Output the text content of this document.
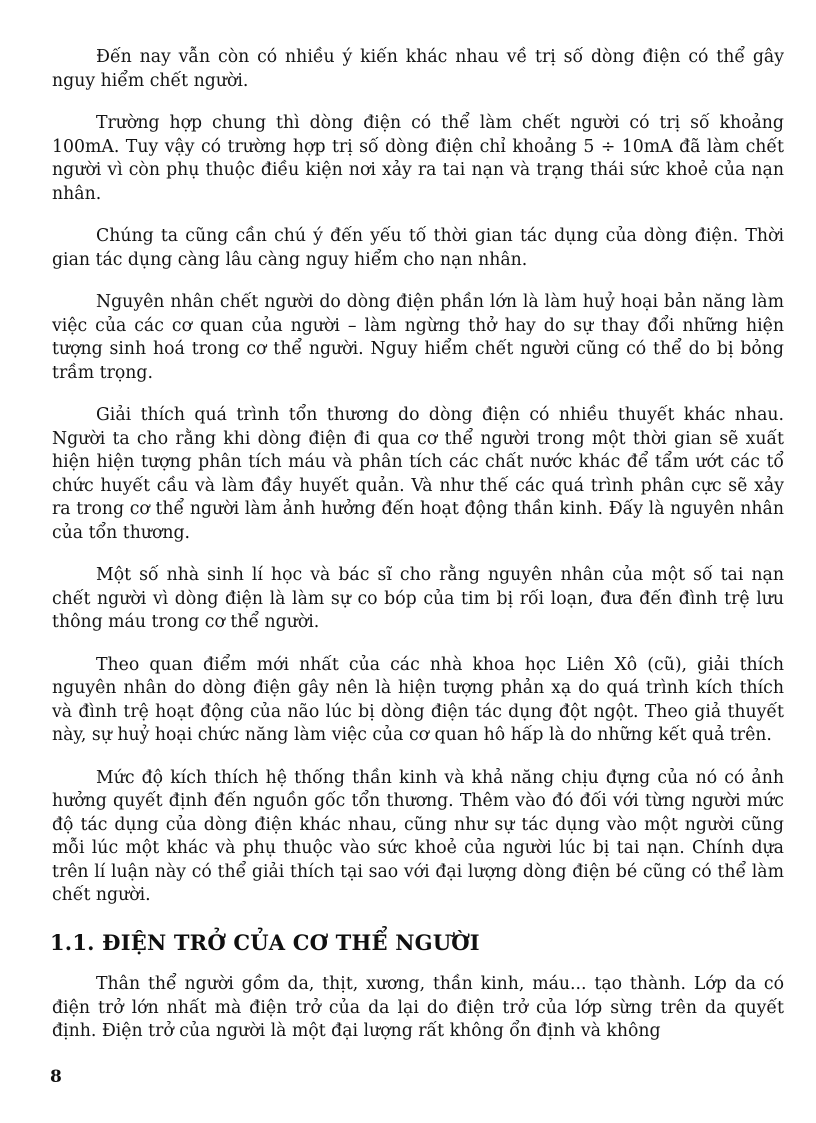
Đến nay vẫn còn có nhiều ý kiến khác nhau về trị số dòng điện có thể gây nguy hiểm chết người.

Trường hợp chung thì dòng điện có thể làm chết người có trị số khoảng 100mA. Tuy vậy có trường hợp trị số dòng điện chỉ khoảng 5 ÷ 10mA đã làm chết người vì còn phụ thuộc điều kiện nơi xảy ra tai nạn và trạng thái sức khoẻ của nạn nhân.

Chúng ta cũng cần chú ý đến yếu tố thời gian tác dụng của dòng điện. Thời gian tác dụng càng lâu càng nguy hiểm cho nạn nhân.

Nguyên nhân chết người do dòng điện phần lớn là làm huỷ hoại bản năng làm việc của các cơ quan của người – làm ngừng thở hay do sự thay đổi những hiện tượng sinh hoá trong cơ thể người. Nguy hiểm chết người cũng có thể do bị bỏng trầm trọng.

Giải thích quá trình tổn thương do dòng điện có nhiều thuyết khác nhau. Người ta cho rằng khi dòng điện đi qua cơ thể người trong một thời gian sẽ xuất hiện hiện tượng phân tích máu và phân tích các chất nước khác để tẩm ướt các tổ chức huyết cầu và làm đầy huyết quản. Và như thế các quá trình phân cực sẽ xảy ra trong cơ thể người làm ảnh hưởng đến hoạt động thần kinh. Đấy là nguyên nhân của tổn thương.

Một số nhà sinh lí học và bác sĩ cho rằng nguyên nhân của một số tai nạn chết người vì dòng điện là làm sự co bóp của tim bị rối loạn, đưa đến đình trệ lưu thông máu trong cơ thể người.

Theo quan điểm mới nhất của các nhà khoa học Liên Xô (cũ), giải thích nguyên nhân do dòng điện gây nên là hiện tượng phản xạ do quá trình kích thích và đình trệ hoạt động của não lúc bị dòng điện tác dụng đột ngột. Theo giả thuyết này, sự huỷ hoại chức năng làm việc của cơ quan hô hấp là do những kết quả trên.

Mức độ kích thích hệ thống thần kinh và khả năng chịu đựng của nó có ảnh hưởng quyết định đến nguồn gốc tổn thương. Thêm vào đó đối với từng người mức độ tác dụng của dòng điện khác nhau, cũng như sự tác dụng vào một người cũng mỗi lúc một khác và phụ thuộc vào sức khoẻ của người lúc bị tai nạn. Chính dựa trên lí luận này có thể giải thích tại sao với đại lượng dòng điện bé cũng có thể làm chết người.

1.1. ĐIỆN TRỞ CỦA CƠ THỂ NGƯỜI

Thân thể người gồm da, thịt, xương, thần kinh, máu... tạo thành. Lớp da có điện trở lớn nhất mà điện trở của da lại do điện trở của lớp sừng trên da quyết định. Điện trở của người là một đại lượng rất không ổn định và không

8
